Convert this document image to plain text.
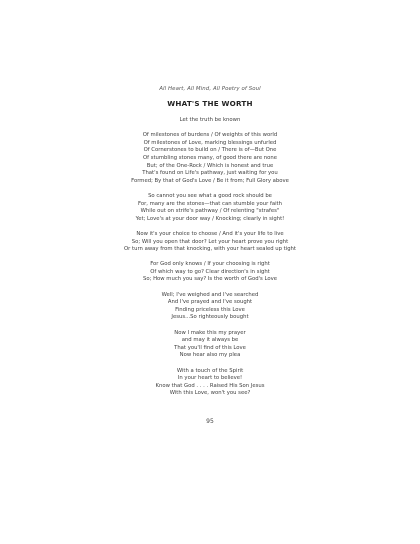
All Heart, All Mind, All Poetry of Soul
WHAT'S THE WORTH
Let the truth be known
Of milestones of burdens / Of weights of this world
Of milestones of Love, marking blessings unfurled
Of Cornerstones to build on / There is of—But One
Of stumbling stones many, of good there are none
But; of the One-Rock / Which is honest and true
That's found on Life's pathway, just waiting for you
Formed; By that of God's Love / Be it from; Full Glory above
So cannot you see what a good rock should be
For, many are the stones—that can stumble your faith
While out on strife's pathway / Of relenting "strafes"
Yet; Love's at your door way / Knocking; clearly in sight!
Now it's your choice to choose / And it's your life to live
So; Will you open that door? Let your heart prove you right
Or turn away from that knocking, with your heart sealed up tight
For God only knows / If your choosing is right
Of which way to go? Clear direction's in sight
So; How much you say? Is the worth of God's Love
Well; I've weighed and I've searched
And I've prayed and I've sought
Finding priceless this Love
Jesus...So righteously bought
Now I make this my prayer
and may it always be
That you'll find of this Love
Now hear also my plea
With a touch of the Spirit
In your heart to believe!
Know that God . . . . Raised His Son Jesus
With this Love, won't you see?
95
